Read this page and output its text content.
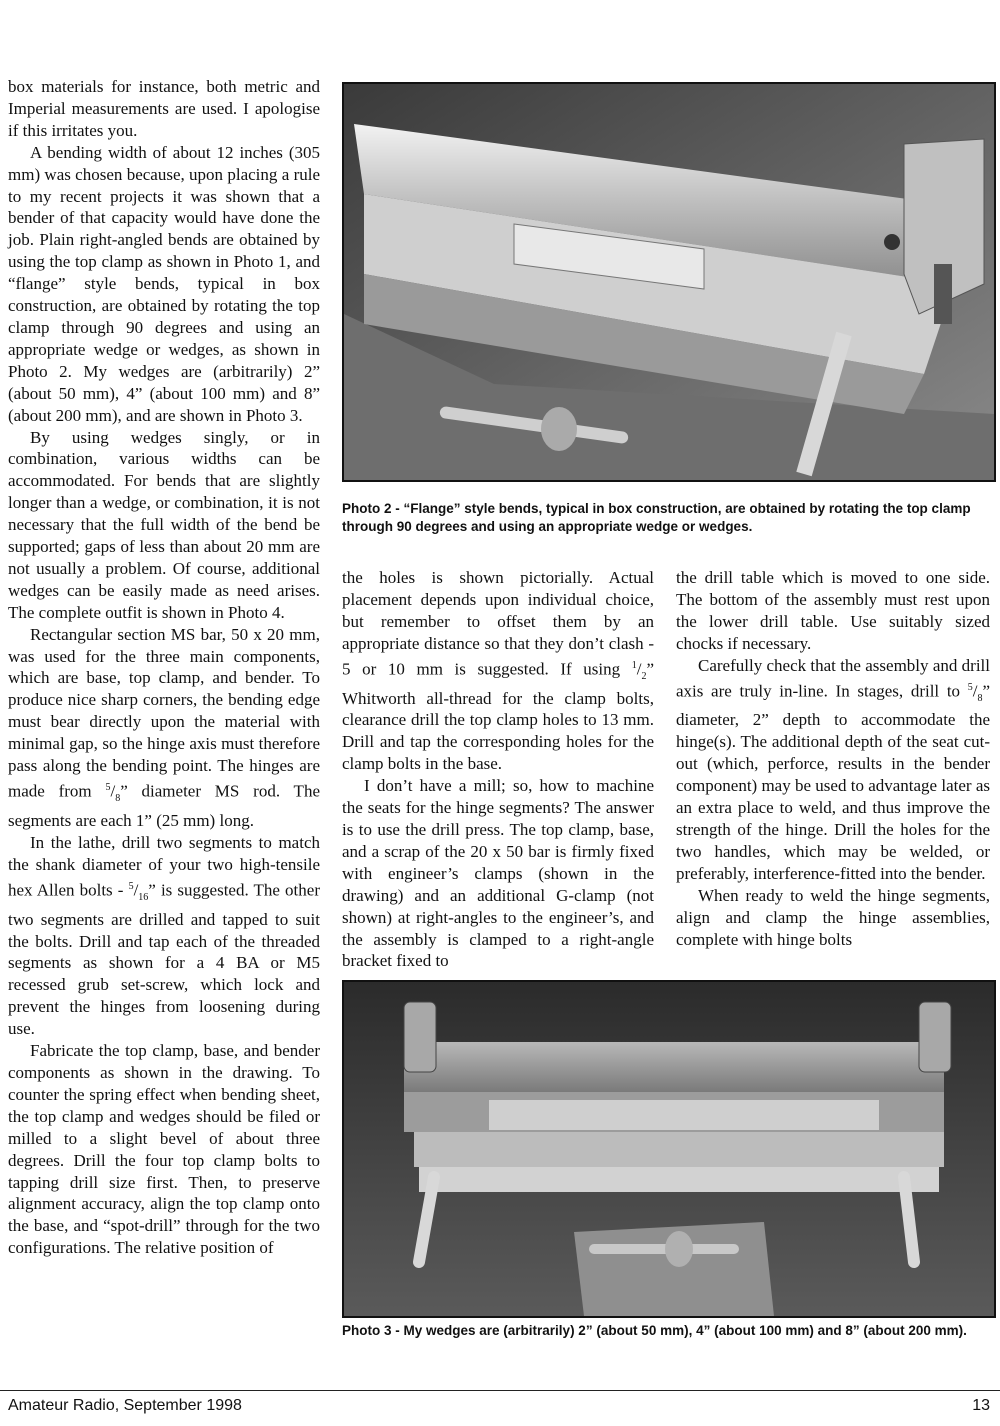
box materials for instance, both metric and Imperial measurements are used. I apologise if this irritates you.

A bending width of about 12 inches (305 mm) was chosen because, upon placing a rule to my recent projects it was shown that a bender of that capacity would have done the job. Plain right-angled bends are obtained by using the top clamp as shown in Photo 1, and “flange” style bends, typical in box construction, are obtained by rotating the top clamp through 90 degrees and using an appropriate wedge or wedges, as shown in Photo 2. My wedges are (arbitrarily) 2” (about 50 mm), 4” (about 100 mm) and 8” (about 200 mm), and are shown in Photo 3.

By using wedges singly, or in combination, various widths can be accommodated. For bends that are slightly longer than a wedge, or combination, it is not necessary that the full width of the bend be supported; gaps of less than about 20 mm are not usually a problem. Of course, additional wedges can be easily made as need arises. The complete outfit is shown in Photo 4.

Rectangular section MS bar, 50 x 20 mm, was used for the three main components, which are base, top clamp, and bender. To produce nice sharp corners, the bending edge must bear directly upon the material with minimal gap, so the hinge axis must therefore pass along the bending point. The hinges are made from $^5/_8$” diameter MS rod. The segments are each 1” (25 mm) long.

In the lathe, drill two segments to match the shank diameter of your two high-tensile hex Allen bolts - $^5/_{16}$” is suggested. The other two segments are drilled and tapped to suit the bolts. Drill and tap each of the threaded segments as shown for a 4 BA or M5 recessed grub set-screw, which lock and prevent the hinges from loosening during use.

Fabricate the top clamp, base, and bender components as shown in the drawing. To counter the spring effect when bending sheet, the top clamp and wedges should be filed or milled to a slight bevel of about three degrees. Drill the four top clamp bolts to tapping drill size first. Then, to preserve alignment accuracy, align the top clamp onto the base, and “spot-drill” through for the two configurations. The relative position of

Photo 2 - “Flange” style bends, typical in box construction, are obtained by rotating the top clamp through 90 degrees and using an appropriate wedge or wedges.

the holes is shown pictorially. Actual placement depends upon individual choice, but remember to offset them by an appropriate distance so that they don’t clash - 5 or 10 mm is suggested. If using $^1/_2$” Whitworth all-thread for the clamp bolts, clearance drill the top clamp holes to 13 mm. Drill and tap the corresponding holes for the clamp bolts in the base.

I don’t have a mill; so, how to machine the seats for the hinge segments? The answer is to use the drill press. The top clamp, base, and a scrap of the 20 x 50 bar is firmly fixed with engineer’s clamps (shown in the drawing) and an additional G-clamp (not shown) at right-angles to the engineer’s, and the assembly is clamped to a right-angle bracket fixed to

the drill table which is moved to one side. The bottom of the assembly must rest upon the lower drill table. Use suitably sized chocks if necessary.

Carefully check that the assembly and drill axis are truly in-line. In stages, drill to $^5/_8$” diameter, 2” depth to accommodate the hinge(s). The additional depth of the seat cut-out (which, perforce, results in the bender component) may be used to advantage later as an extra place to weld, and thus improve the strength of the hinge. Drill the holes for the two handles, which may be welded, or preferably, interference-fitted into the bender.

When ready to weld the hinge segments, align and clamp the hinge assemblies, complete with hinge bolts

Photo 3 - My wedges are (arbitrarily) 2” (about 50 mm), 4” (about 100 mm) and 8” (about 200 mm).
Amateur Radio, September 1998	13
